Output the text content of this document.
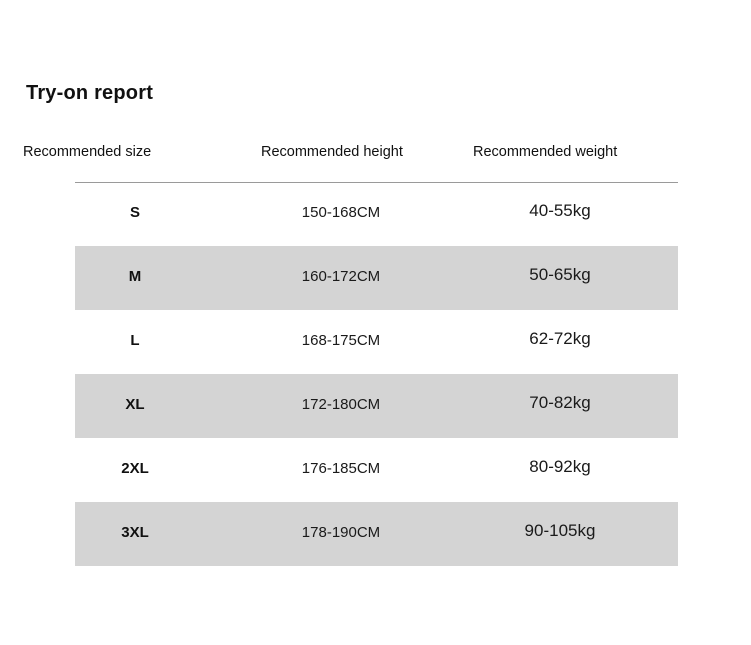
Try-on report
Recommended size	Recommended height	Recommended weight
S	150-168CM	40-55kg
M	160-172CM	50-65kg
L	168-175CM	62-72kg
XL	172-180CM	70-82kg
2XL	176-185CM	80-92kg
3XL	178-190CM	90-105kg
